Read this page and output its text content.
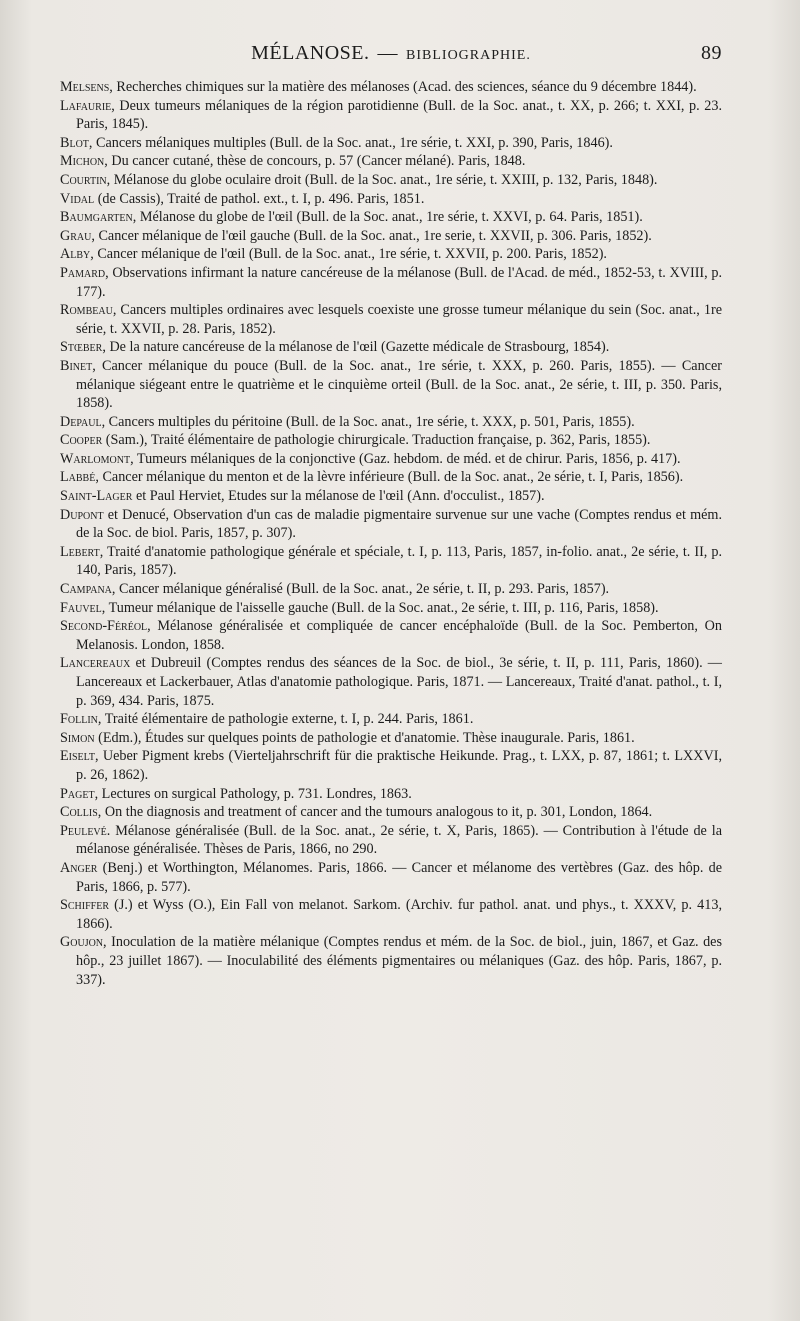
MÉLANOSE. — BIBLIOGRAPHIE.	89

Melsens, Recherches chimiques sur la matière des mélanoses (Acad. des sciences, séance du 9 décembre 1844).

Lafaurie, Deux tumeurs mélaniques de la région parotidienne (Bull. de la Soc. anat., t. XX, p. 266; t. XXI, p. 23. Paris, 1845).

Blot, Cancers mélaniques multiples (Bull. de la Soc. anat., 1re série, t. XXI, p. 390, Paris, 1846).

Michon, Du cancer cutané, thèse de concours, p. 57 (Cancer mélané). Paris, 1848.

Courtin, Mélanose du globe oculaire droit (Bull. de la Soc. anat., 1re série, t. XXIII, p. 132, Paris, 1848).

Vidal (de Cassis), Traité de pathol. ext., t. I, p. 496. Paris, 1851.

Baumgarten, Mélanose du globe de l'œil (Bull. de la Soc. anat., 1re série, t. XXVI, p. 64. Paris, 1851).

Grau, Cancer mélanique de l'œil gauche (Bull. de la Soc. anat., 1re serie, t. XXVII, p. 306. Paris, 1852).

Alby, Cancer mélanique de l'œil (Bull. de la Soc. anat., 1re série, t. XXVII, p. 200. Paris, 1852).

Pamard, Observations infirmant la nature cancéreuse de la mélanose (Bull. de l'Acad. de méd., 1852-53, t. XVIII, p. 177).

Rombeau, Cancers multiples ordinaires avec lesquels coexiste une grosse tumeur mélanique du sein (Soc. anat., 1re série, t. XXVII, p. 28. Paris, 1852).

Stœber, De la nature cancéreuse de la mélanose de l'œil (Gazette médicale de Strasbourg, 1854).

Binet, Cancer mélanique du pouce (Bull. de la Soc. anat., 1re série, t. XXX, p. 260. Paris, 1855). — Cancer mélanique siégeant entre le quatrième et le cinquième orteil (Bull. de la Soc. anat., 2e série, t. III, p. 350. Paris, 1858).

Depaul, Cancers multiples du péritoine (Bull. de la Soc. anat., 1re série, t. XXX, p. 501, Paris, 1855).

Cooper (Sam.), Traité élémentaire de pathologie chirurgicale. Traduction française, p. 362, Paris, 1855).

Warlomont, Tumeurs mélaniques de la conjonctive (Gaz. hebdom. de méd. et de chirur. Paris, 1856, p. 417).

Labbé, Cancer mélanique du menton et de la lèvre inférieure (Bull. de la Soc. anat., 2e série, t. I, Paris, 1856).

Saint-Lager et Paul Herviet, Etudes sur la mélanose de l'œil (Ann. d'occulist., 1857).

Dupont et Denucé, Observation d'un cas de maladie pigmentaire survenue sur une vache (Comptes rendus et mém. de la Soc. de biol. Paris, 1857, p. 307).

Lebert, Traité d'anatomie pathologique générale et spéciale, t. I, p. 113, Paris, 1857, in-folio. anat., 2e série, t. II, p. 140, Paris, 1857).

Campana, Cancer mélanique généralisé (Bull. de la Soc. anat., 2e série, t. II, p. 293. Paris, 1857).

Fauvel, Tumeur mélanique de l'aisselle gauche (Bull. de la Soc. anat., 2e série, t. III, p. 116, Paris, 1858).

Second-Féréol, Mélanose généralisée et compliquée de cancer encéphaloïde (Bull. de la Soc. Pemberton, On Melanosis. London, 1858.

Lancereaux et Dubreuil (Comptes rendus des séances de la Soc. de biol., 3e série, t. II, p. 111, Paris, 1860). — Lancereaux et Lackerbauer, Atlas d'anatomie pathologique. Paris, 1871. — Lancereaux, Traité d'anat. pathol., t. I, p. 369, 434. Paris, 1875.

Follin, Traité élémentaire de pathologie externe, t. I, p. 244. Paris, 1861.

Simon (Edm.), Études sur quelques points de pathologie et d'anatomie. Thèse inaugurale. Paris, 1861.

Eiselt, Ueber Pigment krebs (Vierteljahrschrift für die praktische Heikunde. Prag., t. LXX, p. 87, 1861; t. LXXVI, p. 26, 1862).

Paget, Lectures on surgical Pathology, p. 731. Londres, 1863.

Collis, On the diagnosis and treatment of cancer and the tumours analogous to it, p. 301, London, 1864.

Peulevé. Mélanose généralisée (Bull. de la Soc. anat., 2e série, t. X, Paris, 1865). — Contribution à l'étude de la mélanose généralisée. Thèses de Paris, 1866, no 290.

Anger (Benj.) et Worthington, Mélanomes. Paris, 1866. — Cancer et mélanome des vertèbres (Gaz. des hôp. de Paris, 1866, p. 577).

Schiffer (J.) et Wyss (O.), Ein Fall von melanot. Sarkom. (Archiv. fur pathol. anat. und phys., t. XXXV, p. 413, 1866).

Goujon, Inoculation de la matière mélanique (Comptes rendus et mém. de la Soc. de biol., juin, 1867, et Gaz. des hôp., 23 juillet 1867). — Inoculabilité des éléments pigmentaires ou mélaniques (Gaz. des hôp. Paris, 1867, p. 337).
